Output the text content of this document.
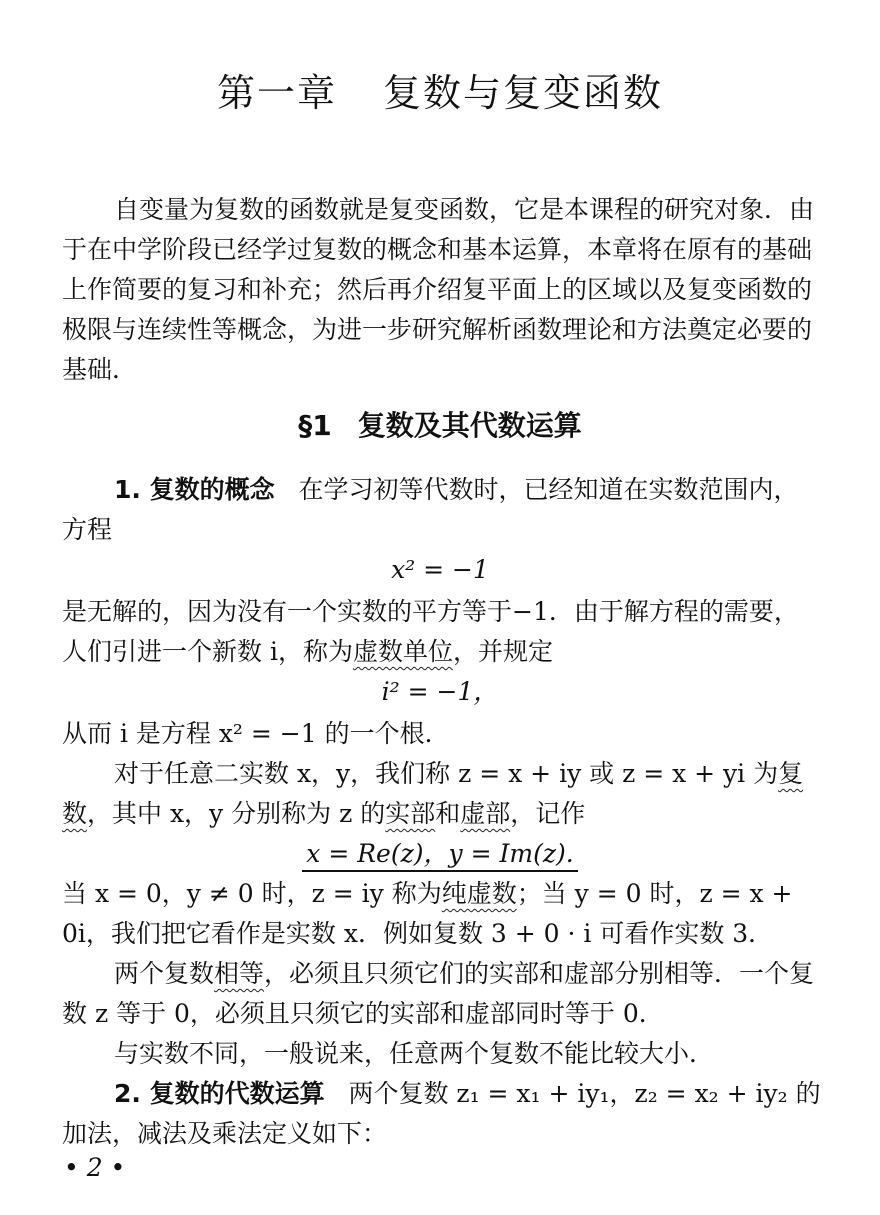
第一章 复数与复变函数

自变量为复数的函数就是复变函数，它是本课程的研究对象．由于在中学阶段已经学过复数的概念和基本运算，本章将在原有的基础上作简要的复习和补充；然后再介绍复平面上的区域以及复变函数的极限与连续性等概念，为进一步研究解析函数理论和方法奠定必要的基础．

§1 复数及其代数运算

1. 复数的概念 在学习初等代数时，已经知道在实数范围内，方程

x² = −1

是无解的，因为没有一个实数的平方等于−1．由于解方程的需要，人们引进一个新数 i，称为虚数单位，并规定

i² = −1，

从而 i 是方程 x² = −1 的一个根．

对于任意二实数 x，y，我们称 z = x + iy 或 z = x + yi 为复数，其中 x，y 分别称为 z 的实部和虚部，记作

x = Re(z)，y = Im(z).

当 x = 0，y ≠ 0 时，z = iy 称为纯虚数；当 y = 0 时，z = x + 0i，我们把它看作是实数 x．例如复数 3 + 0 · i 可看作实数 3．

两个复数相等，必须且只须它们的实部和虚部分别相等．一个复数 z 等于 0，必须且只须它的实部和虚部同时等于 0．

与实数不同，一般说来，任意两个复数不能比较大小．

2. 复数的代数运算 两个复数 z₁ = x₁ + iy₁，z₂ = x₂ + iy₂ 的加法，减法及乘法定义如下：

• 2 •
